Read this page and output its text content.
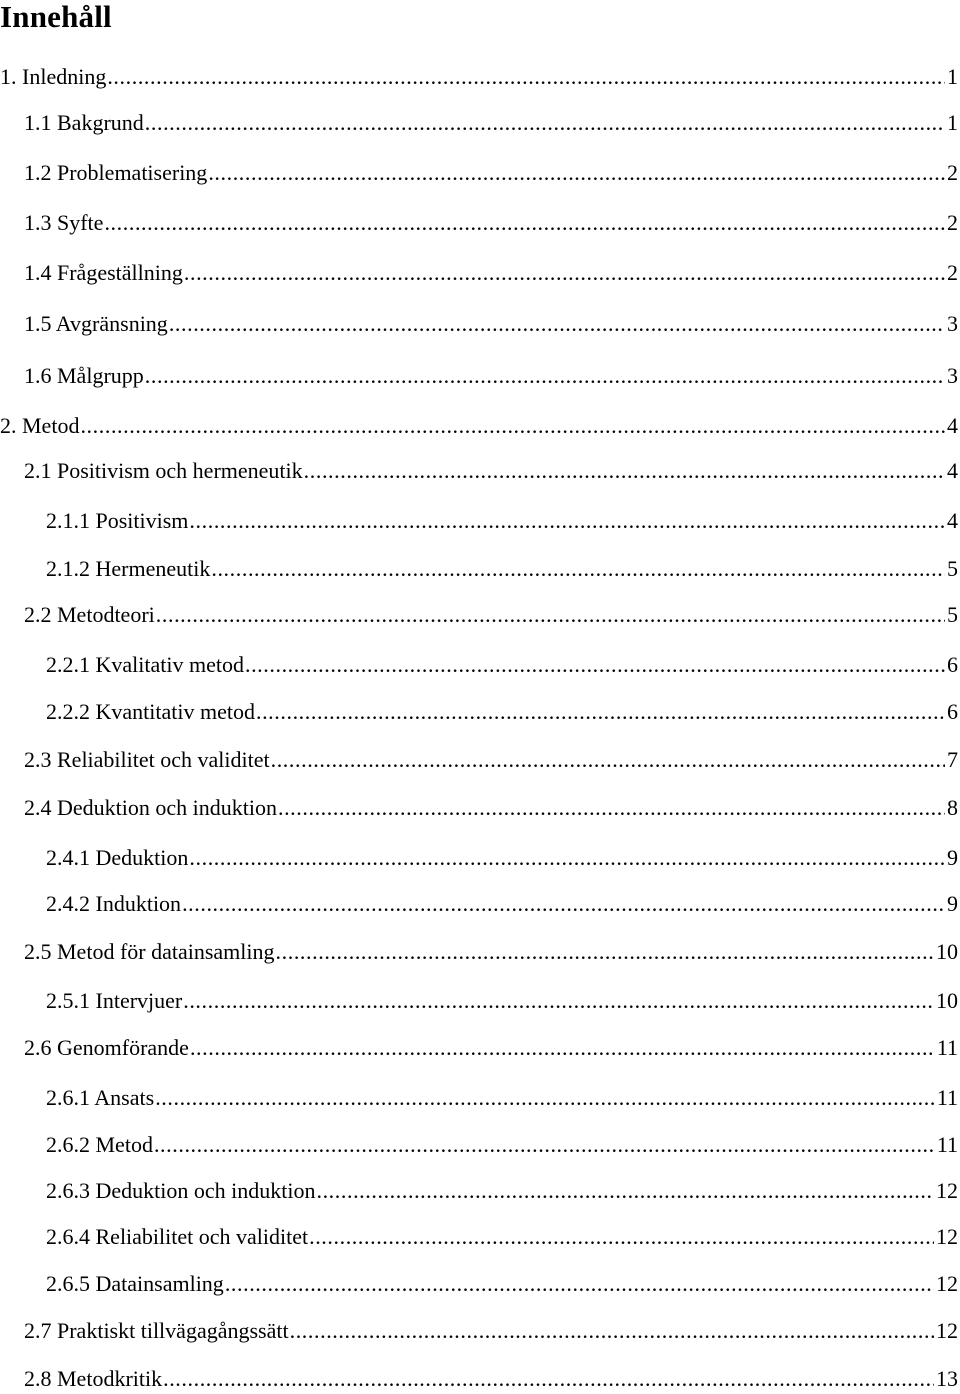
Innehåll
1. Inledning .....	1
1.1 Bakgrund .....	1
1.2 Problematisering .....	2
1.3 Syfte .....	2
1.4 Frågeställning .....	2
1.5 Avgränsning .....	3
1.6 Målgrupp .....	3
2. Metod .....	4
2.1 Positivism och hermeneutik .....	4
2.1.1 Positivism .....	4
2.1.2 Hermeneutik .....	5
2.2 Metodteori .....	5
2.2.1 Kvalitativ metod .....	6
2.2.2 Kvantitativ metod .....	6
2.3 Reliabilitet och validitet .....	7
2.4 Deduktion och induktion .....	8
2.4.1 Deduktion .....	9
2.4.2 Induktion .....	9
2.5 Metod för datainsamling .....	10
2.5.1 Intervjuer .....	10
2.6 Genomförande .....	11
2.6.1 Ansats .....	11
2.6.2 Metod .....	11
2.6.3 Deduktion och induktion .....	12
2.6.4 Reliabilitet och validitet .....	12
2.6.5 Datainsamling .....	12
2.7 Praktiskt tillvägagångssätt .....	12
2.8 Metodkritik .....	13
